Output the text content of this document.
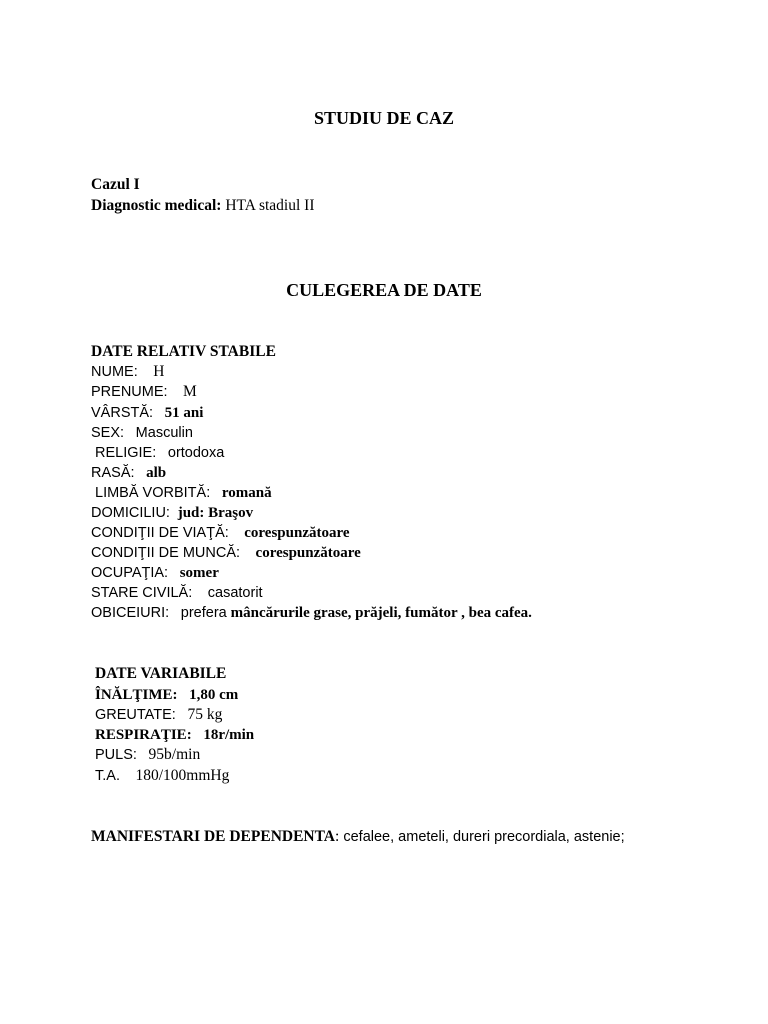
STUDIU DE CAZ
Cazul I
Diagnostic medical: HTA stadiul II
CULEGEREA DE DATE
DATE RELATIV STABILE
NUME: H
PRENUME: M
VÂRSTĂ: 51 ani
SEX: Masculin
RELIGIE: ortodoxa
RASĂ: alb
LIMBĂ VORBITĂ: romană
DOMICILIU: jud: Braşov
CONDIŢII DE VIAŢĂ: corespunzătoare
CONDIŢII DE MUNCĂ: corespunzătoare
OCUPAŢIA: somer
STARE CIVILĂ: casatorit
OBICEIURI: prefera mâncărurile grase, prăjeli, fumător , bea cafea.
DATE VARIABILE
ÎNĂLŢIME: 1,80 cm
GREUTATE: 75 kg
RESPIRAŢIE: 18r/min
PULS: 95b/min
T.A. 180/100mmHg
MANIFESTARI DE DEPENDENTA: cefalee, ameteli, dureri precordiala, astenie;
